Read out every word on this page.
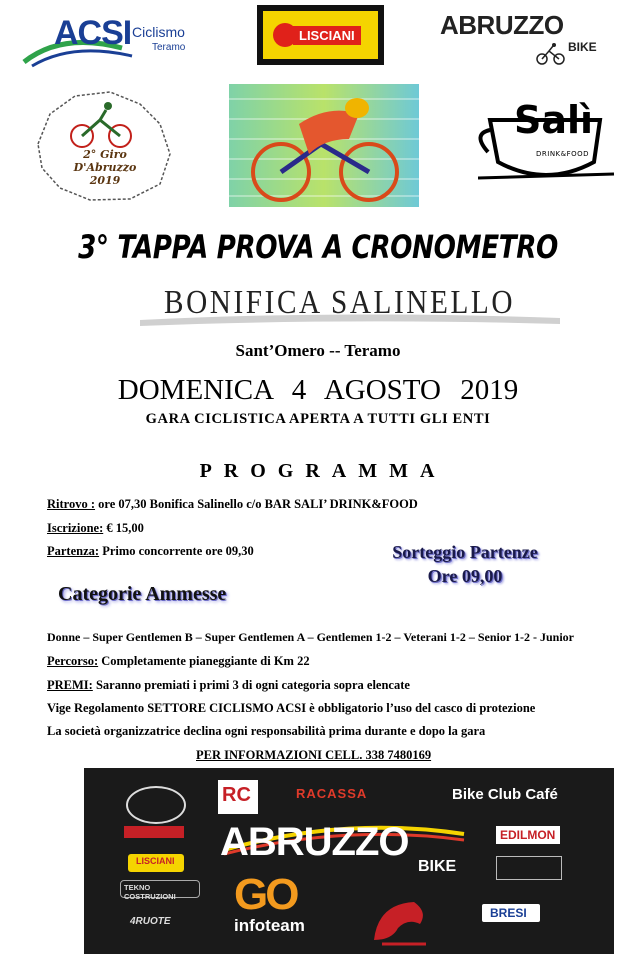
ACSI Ciclismo
Teramo
LISCIANI	ABRUZZO
BIKE
2° Giro
D'Abruzzo
2019
Salì
DRINK&FOOD
3° TAPPA PROVA A CRONOMETRO
BONIFICA SALINELLO
Sant’Omero -- Teramo
DOMENICA 4 AGOSTO 2019
GARA CICLISTICA APERTA A TUTTI GLI ENTI
PROGRAMMA
Ritrovo : ore 07,30 Bonifica Salinello c/o BAR SALI’ DRINK&FOOD
Iscrizione: € 15,00
Partenza: Primo concorrente ore 09,30	Sorteggio Partenze
Ore 09,00
Categorie Ammesse
Donne – Super Gentlemen B – Super Gentlemen A – Gentlemen 1-2 – Veterani 1-2 – Senior 1-2 - Junior
Percorso: Completamente pianeggiante di Km 22
PREMI: Saranno premiati i primi 3 di ogni categoria sopra elencate
Vige Regolamento SETTORE CICLISMO ACSI è obbligatorio l’uso del casco di protezione
La società organizzatrice declina ogni responsabilità prima durante e dopo la gara
PER INFORMAZIONI CELL. 338 7480169
LISCIANI
TEKNO COSTRUZIONI
4RUOTE
RC	RACASSA	Bike Club Café
ABRUZZO
BIKE
GO
infoteam
EDILMON
BRESI
